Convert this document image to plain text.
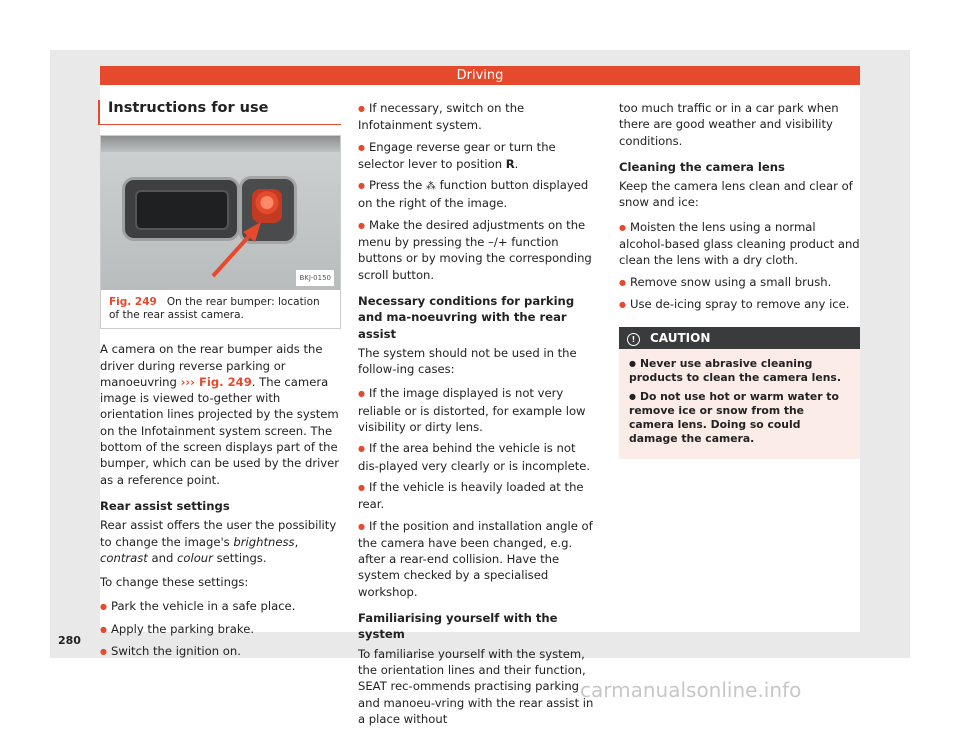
Driving
Instructions for use
BKJ-0150
Fig. 249 On the rear bumper: location of the rear assist camera.

A camera on the rear bumper aids the driver during reverse parking or manoeuvring ››› Fig. 249. The camera image is viewed to-gether with orientation lines projected by the system on the Infotainment system screen. The bottom of the screen displays part of the bumper, which can be used by the driver as a reference point.

Rear assist settings

Rear assist offers the user the possibility to change the image's brightness, contrast and colour settings.

To change these settings:

● Park the vehicle in a safe place.
● Apply the parking brake.
● Switch the ignition on.
● If necessary, switch on the Infotainment system.
● Engage reverse gear or turn the selector lever to position R.
● Press the ⁂ function button displayed on the right of the image.
● Make the desired adjustments on the menu by pressing the –/+ function buttons or by moving the corresponding scroll button.
Necessary conditions for parking and ma-noeuvring with the rear assist

The system should not be used in the follow-ing cases:

● If the image displayed is not very reliable or is distorted, for example low visibility or dirty lens.
● If the area behind the vehicle is not dis-played very clearly or is incomplete.
● If the vehicle is heavily loaded at the rear.
● If the position and installation angle of the camera have been changed, e.g. after a rear-end collision. Have the system checked by a specialised workshop.
Familiarising yourself with the system

To familiarise yourself with the system, the orientation lines and their function, SEAT rec-ommends practising parking and manoeu-vring with the rear assist in a place without

too much traffic or in a car park when there are good weather and visibility conditions.

Cleaning the camera lens

Keep the camera lens clean and clear of snow and ice:

● Moisten the lens using a normal alcohol-based glass cleaning product and clean the lens with a dry cloth.
● Remove snow using a small brush.
● Use de-icing spray to remove any ice.
! CAUTION
● Never use abrasive cleaning products to clean the camera lens.
● Do not use hot or warm water to remove ice or snow from the camera lens. Doing so could damage the camera.
280
carmanualsonline.info
